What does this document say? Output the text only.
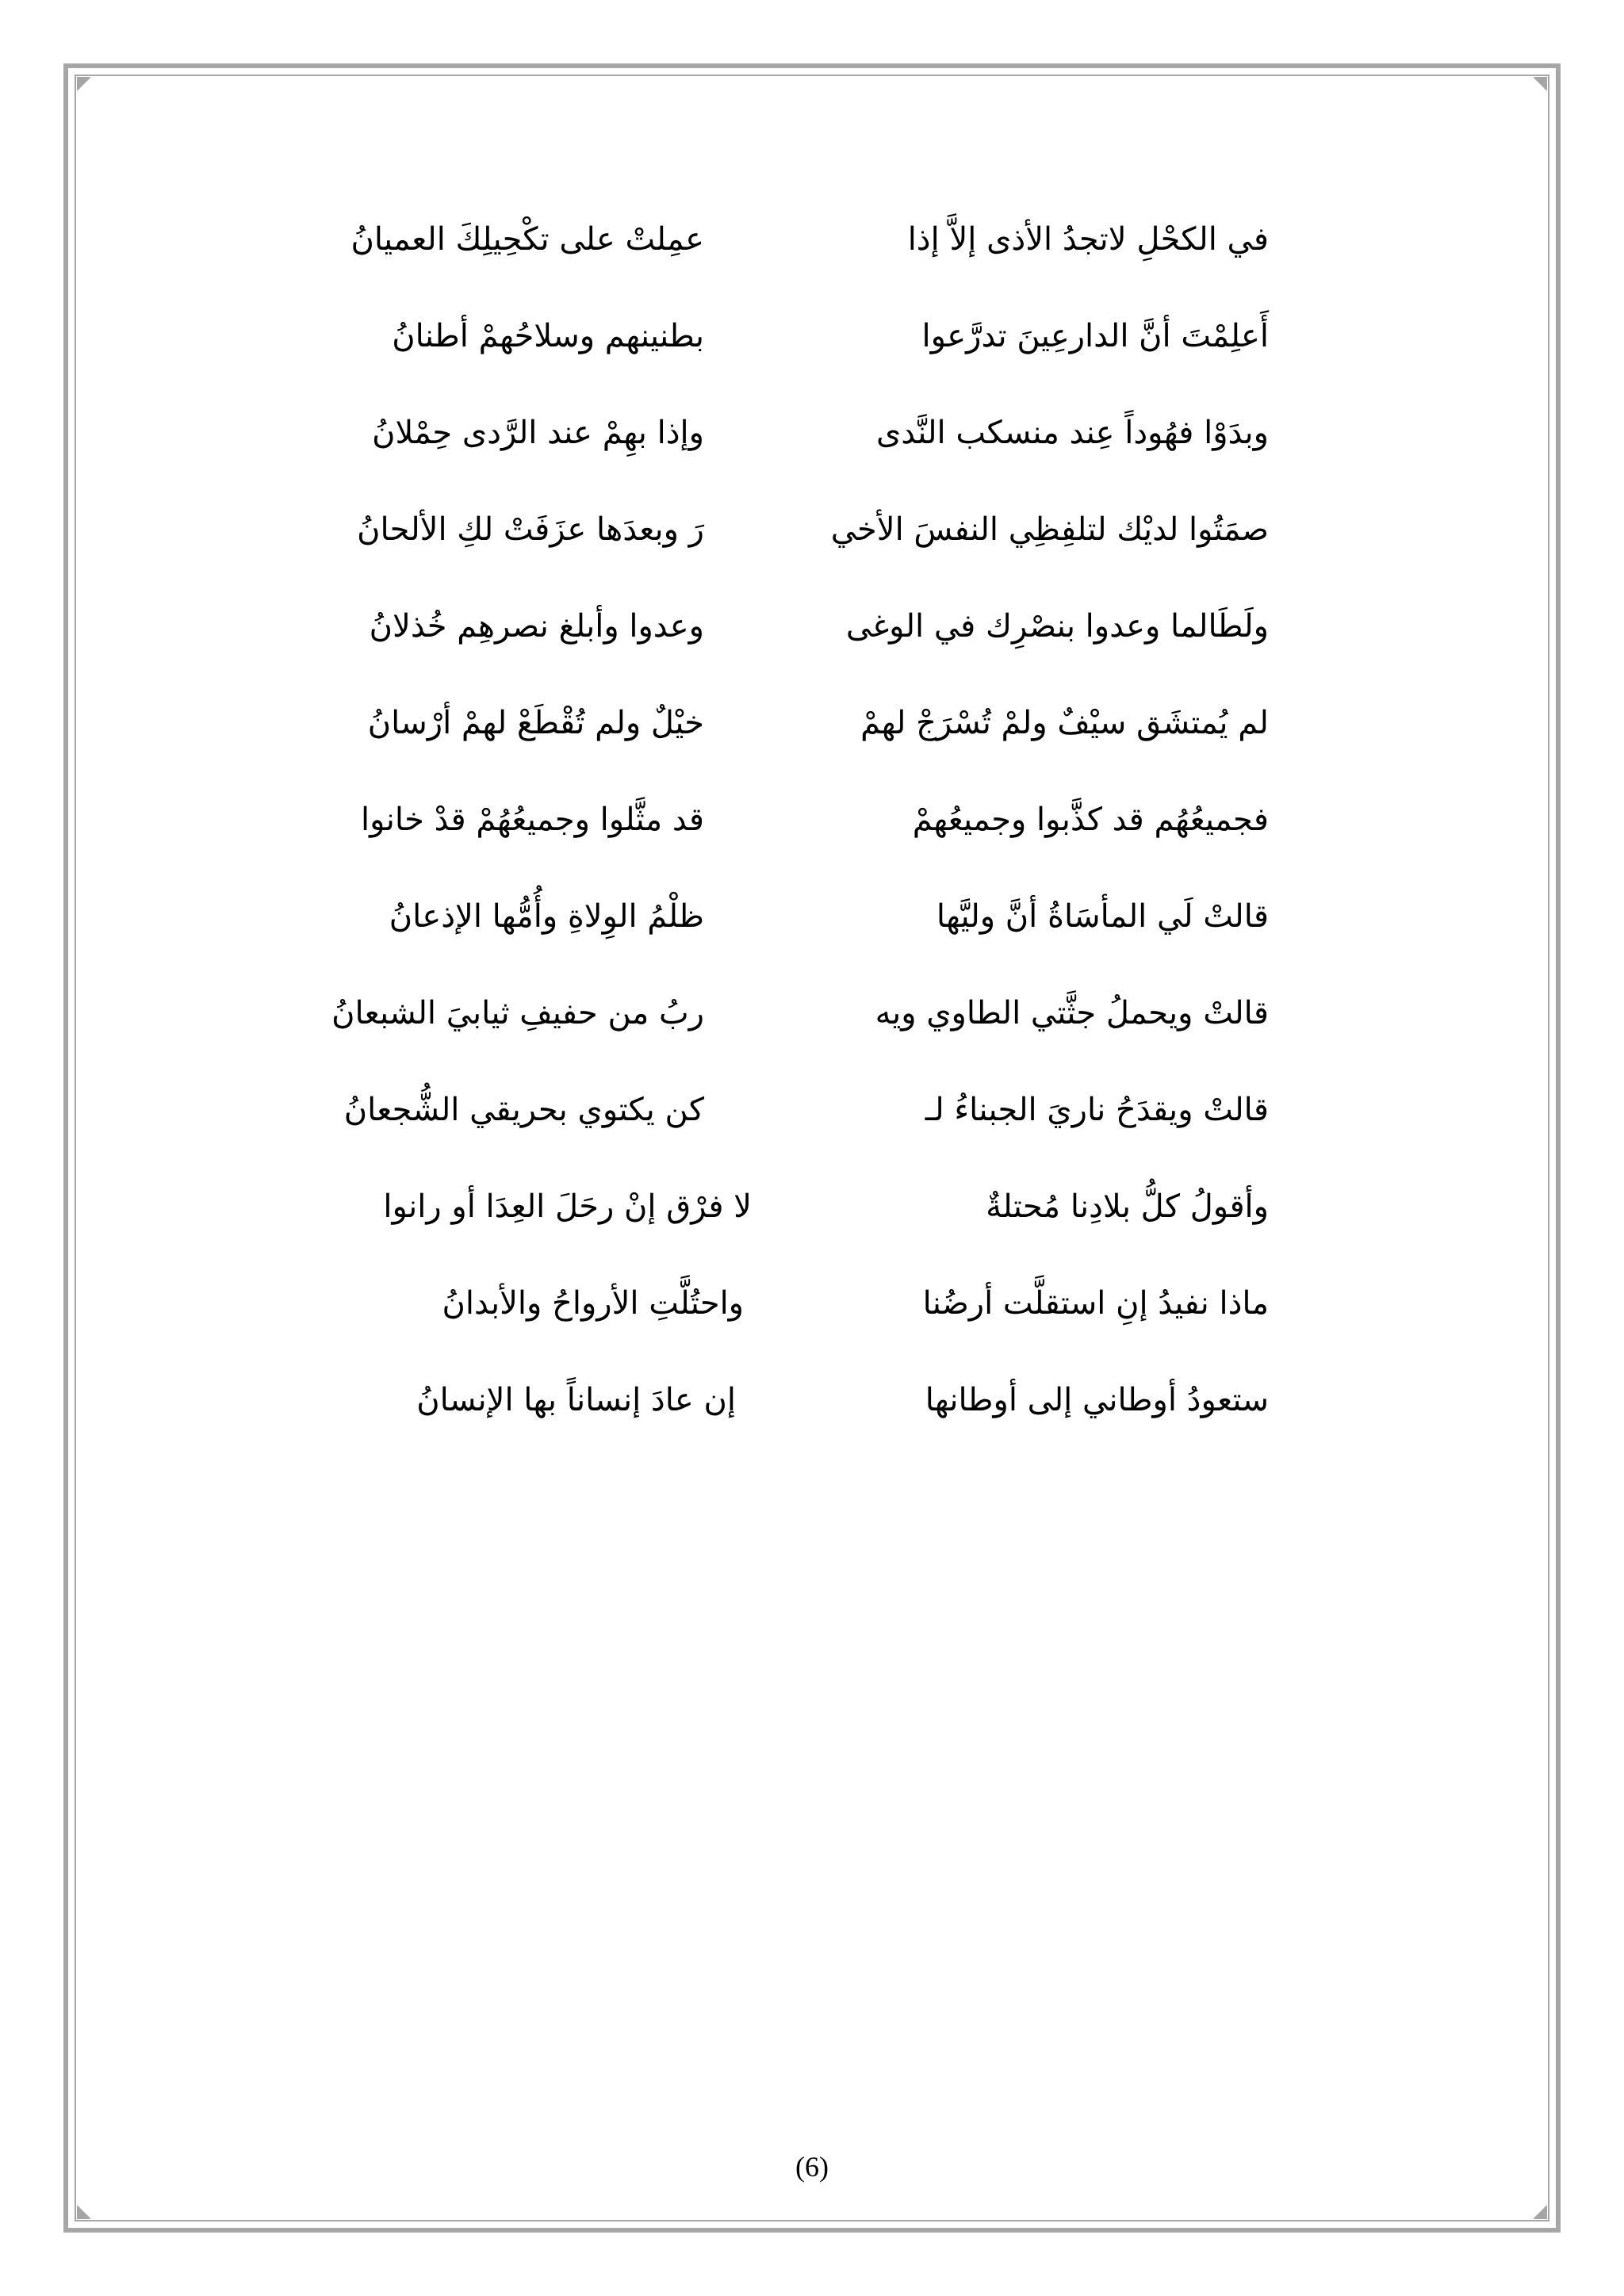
في الكحْلِ لاتجدُ الأذى إلاَّ إذا
عمِلتْ على تكْحِيلِكَ العميانُ
أَعلِمْتَ أنَّ الدارعِينَ تدرَّعوا
بطنينهم وسلاحُهمْ أطنانُ
وبدَوْا فهُوداً عِند منسكب النَّدى
وإذا بهِمْ عند الرَّدى حِمْلانُ
صمَتُوا لديْك لتلفِظِي النفسَ الأخي
رَ وبعدَها عزَفَتْ لكِ الألحانُ
ولَطَالما وعدوا بنصْرِك في الوغى
وعدوا وأبلغ نصرهِم خُذلانُ
لم يُمتشَق سيْفٌ ولمْ تُسْرَجْ لهمْ
خيْلٌ ولم تُقْطَعْ لهمْ أرْسانُ
فجميعُهُم قد كذَّبوا وجميعُهمْ
قد مثَّلوا وجميعُهُمْ قدْ خانوا
قالتْ لَي المأسَاةُ أنَّ وليَّها
ظلْمُ الوِلاةِ وأُمُّها الإذعانُ
قالتْ ويحملُ جثَّتي الطاوي ويه
ربُ من حفيفِ ثيابيَ الشبعانُ
قالتْ ويقدَحُ ناريَ الجبناءُ لـ
كن يكتوي بحريقي الشُّجعانُ
وأقولُ كلُّ بلادِنا مُحتلةٌ
لا فرْق إنْ رحَلَ العِدَا أو رانوا
ماذا نفيدُ إنِ استقلَّت أرضُنا
واحتُلَّتِ الأرواحُ والأبدانُ
ستعودُ أوطاني إلى أوطانها
إن عادَ إنساناً بها الإنسانُ
(6)
